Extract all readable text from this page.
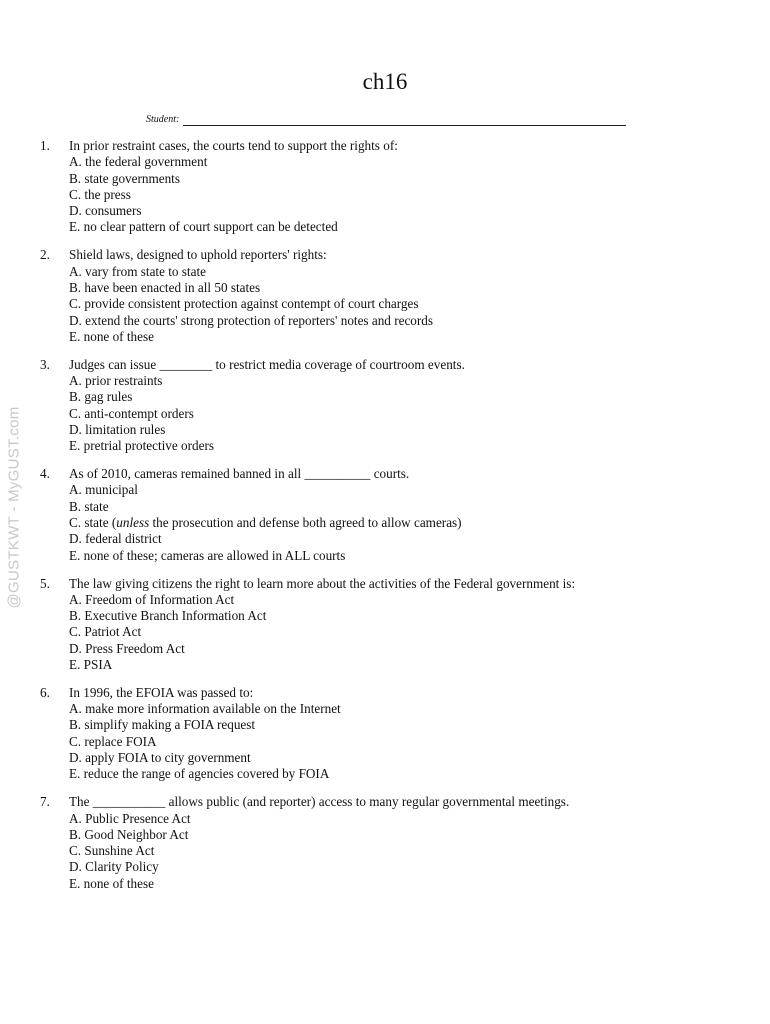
ch16
Student:
@GUSTKWT - MyGUST.com
1.	In prior restraint cases, the courts tend to support the rights of:
A. the federal government
B. state governments
C. the press
D. consumers
E. no clear pattern of court support can be detected
2.	Shield laws, designed to uphold reporters' rights:
A. vary from state to state
B. have been enacted in all 50 states
C. provide consistent protection against contempt of court charges
D. extend the courts' strong protection of reporters' notes and records
E. none of these
3.	Judges can issue ________ to restrict media coverage of courtroom events.
A. prior restraints
B. gag rules
C. anti-contempt orders
D. limitation rules
E. pretrial protective orders
4.	As of 2010, cameras remained banned in all __________ courts.
A. municipal
B. state
C. state (unless the prosecution and defense both agreed to allow cameras)
D. federal district
E. none of these; cameras are allowed in ALL courts
5.	The law giving citizens the right to learn more about the activities of the Federal government is:
A. Freedom of Information Act
B. Executive Branch Information Act
C. Patriot Act
D. Press Freedom Act
E. PSIA
6.	In 1996, the EFOIA was passed to:
A. make more information available on the Internet
B. simplify making a FOIA request
C. replace FOIA
D. apply FOIA to city government
E. reduce the range of agencies covered by FOIA
7.	The ___________ allows public (and reporter) access to many regular governmental meetings.
A. Public Presence Act
B. Good Neighbor Act
C. Sunshine Act
D. Clarity Policy
E. none of these
